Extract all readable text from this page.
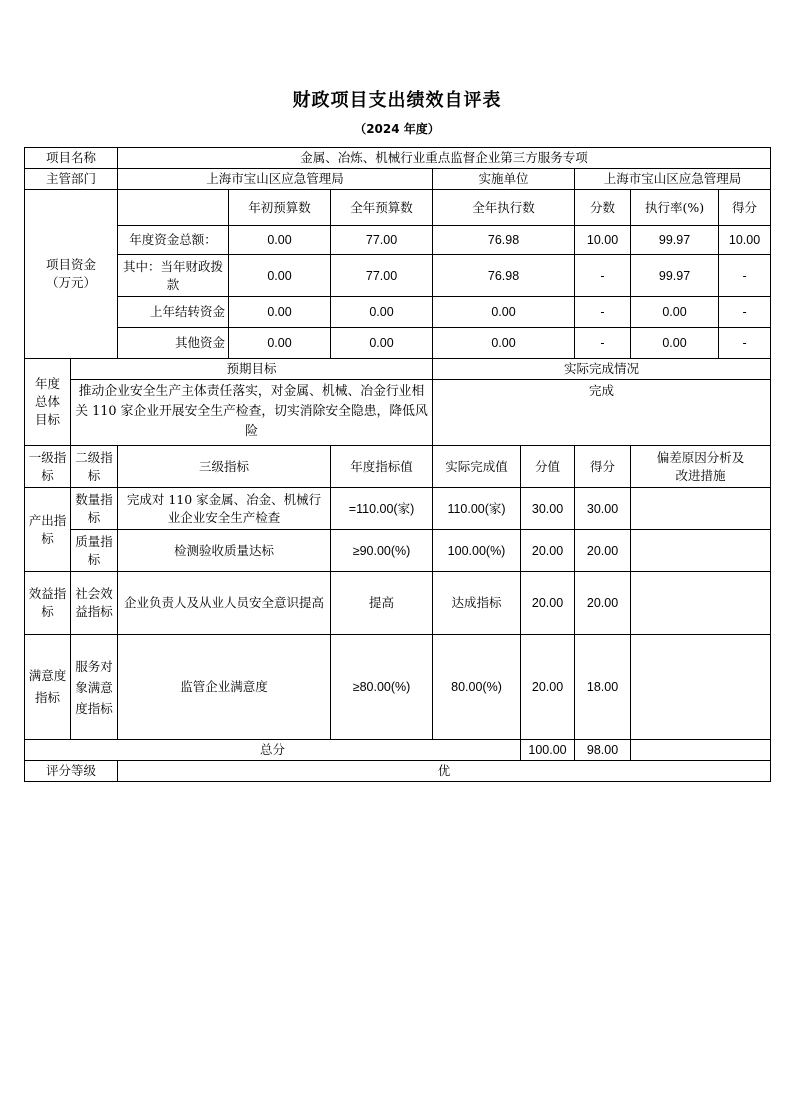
财政项目支出绩效自评表
（2024 年度）
项目名称		金属、冶炼、机械行业重点监督企业第三方服务专项							
主管部门		上海市宝山区应急管理局			实施单位		上海市宝山区应急管理局		
项目资金（万元）			年初预算数	全年预算数	全年执行数		分数	执行率(%)	得分
		年度资金总额：	0.00	77.00	76.98		10.00	99.97	10.00
		其中：当年财政拨款	0.00	77.00	76.98		-	99.97	-
		上年结转资金	0.00	0.00	0.00		-	0.00	-
		其他资金	0.00	0.00	0.00		-	0.00	-
年度总体目标	预期目标				实际完成情况				
	推动企业安全生产主体责任落实，对金属、机械、冶金行业相关 110 家企业开展安全生产检查，切实消除安全隐患，降低风险				完成				
一级指标	二级指标	三级指标		年度指标值	实际完成值	分值	得分	偏差原因分析及改进措施	
产出指标	数量指标	完成对 110 家金属、冶金、机械行业企业安全生产检查		=110.00(家)	110.00(家)	30.00	30.00		
	质量指标	检测验收质量达标		≥90.00(%)	100.00(%)	20.00	20.00		
效益指标	社会效益指标	企业负责人及从业人员安全意识提高		提高	达成指标	20.00	20.00		
满意度指标	服务对象满意度指标	监管企业满意度		≥80.00(%)	80.00(%)	20.00	18.00		
总分						100.00	98.00		
评分等级		优							
